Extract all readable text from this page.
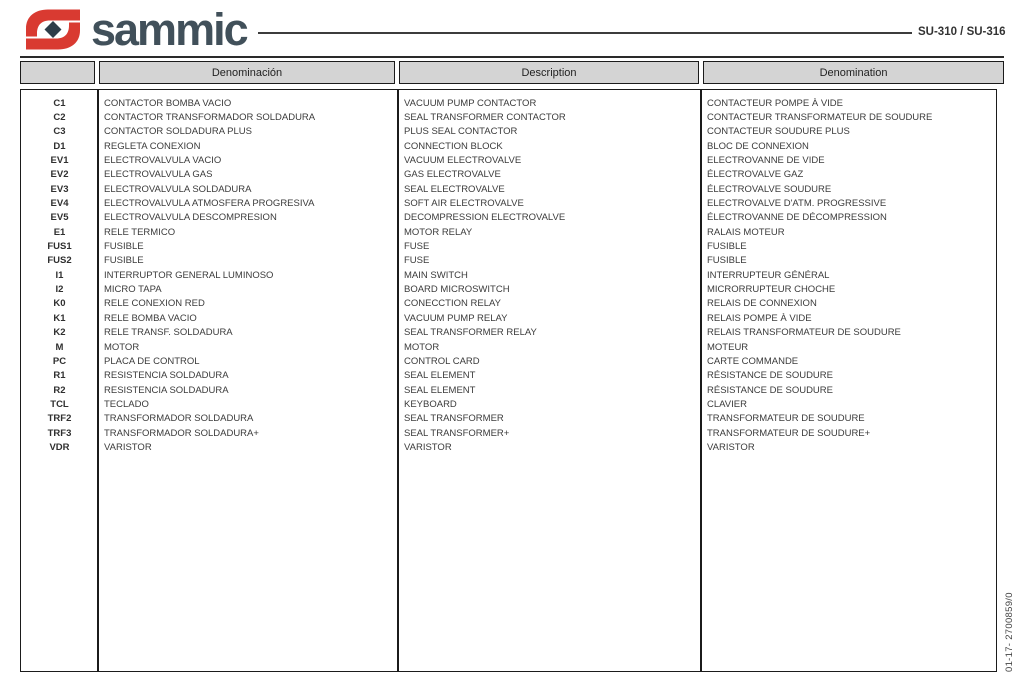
sammic	SU-310 / SU-316
Denominación	Description	Denomination
C1	CONTACTOR BOMBA VACIO	VACUUM PUMP CONTACTOR	CONTACTEUR POMPE À VIDE
C2	CONTACTOR TRANSFORMADOR SOLDADURA	SEAL TRANSFORMER CONTACTOR	CONTACTEUR TRANSFORMATEUR DE SOUDURE
C3	CONTACTOR SOLDADURA PLUS	PLUS SEAL CONTACTOR	CONTACTEUR SOUDURE PLUS
D1	REGLETA CONEXION	CONNECTION BLOCK	BLOC DE CONNEXION
EV1	ELECTROVALVULA VACIO	VACUUM ELECTROVALVE	ELECTROVANNE DE VIDE
EV2	ELECTROVALVULA GAS	GAS ELECTROVALVE	ÉLECTROVALVE GAZ
EV3	ELECTROVALVULA SOLDADURA	SEAL ELECTROVALVE	ÉLECTROVALVE SOUDURE
EV4	ELECTROVALVULA ATMOSFERA PROGRESIVA	SOFT AIR ELECTROVALVE	ELECTROVALVE D'ATM. PROGRESSIVE
EV5	ELECTROVALVULA DESCOMPRESION	DECOMPRESSION ELECTROVALVE	ÉLECTROVANNE DE DÉCOMPRESSION
E1	RELE TERMICO	MOTOR RELAY	RALAIS MOTEUR
FUS1	FUSIBLE	FUSE	FUSIBLE
FUS2	FUSIBLE	FUSE	FUSIBLE
I1	INTERRUPTOR GENERAL LUMINOSO	MAIN SWITCH	INTERRUPTEUR GÉNÉRAL
I2	MICRO TAPA	BOARD MICROSWITCH	MICRORRUPTEUR CHOCHE
K0	RELE CONEXION RED	CONECCTION RELAY	RELAIS DE CONNEXION
K1	RELE BOMBA VACIO	VACUUM PUMP RELAY	RELAIS POMPE À VIDE
K2	RELE TRANSF. SOLDADURA	SEAL TRANSFORMER RELAY	RELAIS TRANSFORMATEUR DE SOUDURE
M	MOTOR	MOTOR	MOTEUR
PC	PLACA DE CONTROL	CONTROL CARD	CARTE COMMANDE
R1	RESISTENCIA SOLDADURA	SEAL ELEMENT	RÉSISTANCE DE SOUDURE
R2	RESISTENCIA SOLDADURA	SEAL ELEMENT	RÉSISTANCE DE SOUDURE
TCL	TECLADO	KEYBOARD	CLAVIER
TRF2	TRANSFORMADOR SOLDADURA	SEAL TRANSFORMER	TRANSFORMATEUR DE SOUDURE
TRF3	TRANSFORMADOR SOLDADURA+	SEAL TRANSFORMER+	TRANSFORMATEUR DE SOUDURE+
VDR	VARISTOR	VARISTOR	VARISTOR
01-17- 2700859/0
